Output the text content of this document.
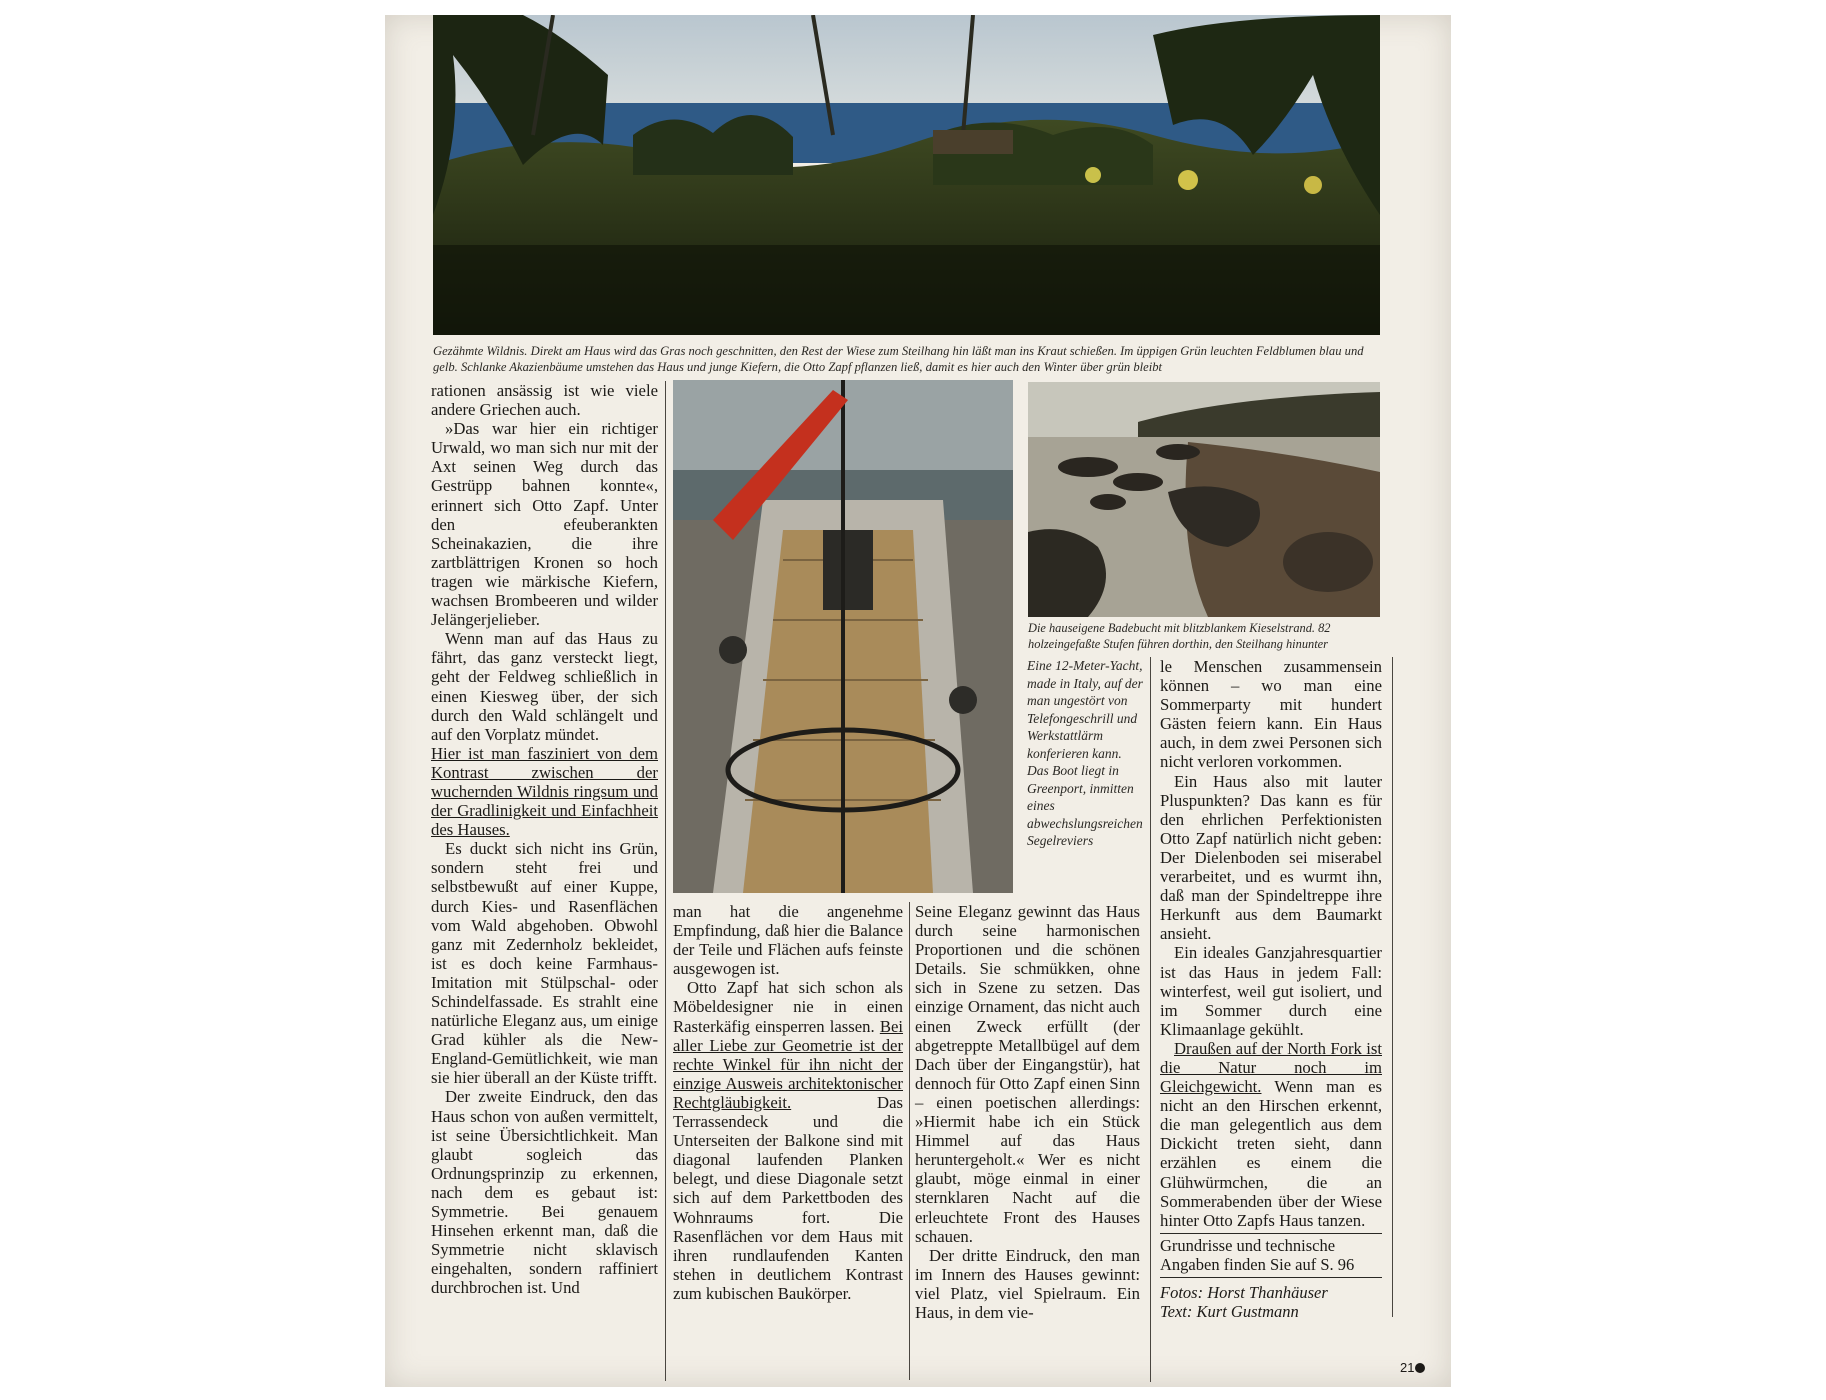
Gezähmte Wildnis. Direkt am Haus wird das Gras noch geschnitten, den Rest der Wiese zum Steilhang hin läßt man ins Kraut schießen. Im üppigen Grün leuchten Feldblumen blau und gelb. Schlanke Akazienbäume umstehen das Haus und junge Kiefern, die Otto Zapf pflanzen ließ, damit es hier auch den Winter über grün bleibt

rationen ansässig ist wie viele andere Griechen auch.

»Das war hier ein richtiger Urwald, wo man sich nur mit der Axt seinen Weg durch das Gestrüpp bahnen konnte«, erinnert sich Otto Zapf. Unter den efeuberankten Scheinakazien, die ihre zartblättrigen Kronen so hoch tragen wie märkische Kiefern, wachsen Brombeeren und wilder Jelängerjelieber.

Wenn man auf das Haus zu fährt, das ganz versteckt liegt, geht der Feldweg schließlich in einen Kiesweg über, der sich durch den Wald schlängelt und auf den Vorplatz mündet.

Hier ist man fasziniert von dem Kontrast zwischen der wuchernden Wildnis ringsum und der Gradlinigkeit und Einfachheit des Hauses.

Es duckt sich nicht ins Grün, sondern steht frei und selbstbewußt auf einer Kuppe, durch Kies- und Rasenflächen vom Wald abgehoben. Obwohl ganz mit Zedernholz bekleidet, ist es doch keine Farmhaus-Imitation mit Stülpschal- oder Schindelfassade. Es strahlt eine natürliche Eleganz aus, um einige Grad kühler als die New-England-Gemütlichkeit, wie man sie hier überall an der Küste trifft.

Der zweite Eindruck, den das Haus schon von außen vermittelt, ist seine Übersichtlichkeit. Man glaubt sogleich das Ordnungsprinzip zu erkennen, nach dem es gebaut ist: Symmetrie. Bei genauem Hinsehen erkennt man, daß die Symmetrie nicht sklavisch eingehalten, sondern raffiniert durchbrochen ist. Und

Die hauseigene Badebucht mit blitzblankem Kieselstrand. 82 holzeingefaßte Stufen führen dorthin, den Steilhang hinunter
Eine 12-Meter-Yacht, made in Italy, auf der man ungestört von Telefongeschrill und Werkstattlärm konferieren kann. Das Boot liegt in Greenport, inmitten eines abwechslungsreichen Segelreviers

man hat die angenehme Empfindung, daß hier die Balance der Teile und Flächen aufs feinste ausgewogen ist.

Otto Zapf hat sich schon als Möbeldesigner nie in einen Rasterkäfig einsperren lassen. Bei aller Liebe zur Geometrie ist der rechte Winkel für ihn nicht der einzige Ausweis architektonischer Rechtgläubigkeit.	Das Terrassendeck und die Unterseiten der Balkone sind mit diagonal laufenden Planken belegt, und diese Diagonale setzt sich auf dem Parkettboden des Wohnraums fort. Die Rasenflächen vor dem Haus mit ihren rundlaufenden Kanten stehen in deutlichem Kontrast zum kubischen Baukörper.

Seine Eleganz gewinnt das Haus durch seine harmonischen Proportionen und die schönen Details. Sie schmükken, ohne sich in Szene zu setzen. Das einzige Ornament, das nicht auch einen Zweck erfüllt (der abgetreppte Metallbügel auf dem Dach über der Eingangstür), hat dennoch für Otto Zapf einen Sinn – einen poetischen allerdings: »Hiermit habe ich ein Stück Himmel auf das Haus heruntergeholt.« Wer es nicht glaubt, möge einmal in einer sternklaren Nacht auf die erleuchtete Front des Hauses schauen.

Der dritte Eindruck, den man im Innern des Hauses gewinnt: viel Platz, viel Spielraum. Ein Haus, in dem vie-

le Menschen zusammensein können – wo man eine Sommerparty mit hundert Gästen feiern kann. Ein Haus auch, in dem zwei Personen sich nicht verloren vorkommen.

Ein Haus also mit lauter Pluspunkten? Das kann es für den ehrlichen Perfektionisten Otto Zapf natürlich nicht geben: Der Dielenboden sei miserabel verarbeitet, und es wurmt ihn, daß man der Spindeltreppe ihre Herkunft aus dem Baumarkt ansieht.

Ein ideales Ganzjahresquartier ist das Haus in jedem Fall: winterfest, weil gut isoliert, und im Sommer durch eine Klimaanlage gekühlt.

Draußen auf der North Fork ist die Natur noch im Gleichgewicht. Wenn man es nicht an den Hirschen erkennt, die man gelegentlich aus dem Dickicht treten sieht, dann erzählen es einem die Glühwürmchen, die an Sommerabenden über der Wiese hinter Otto Zapfs Haus tanzen.

Grundrisse und technische Angaben finden Sie auf S. 96
Fotos: Horst Thanhäuser
Text: Kurt Gustmann
21
